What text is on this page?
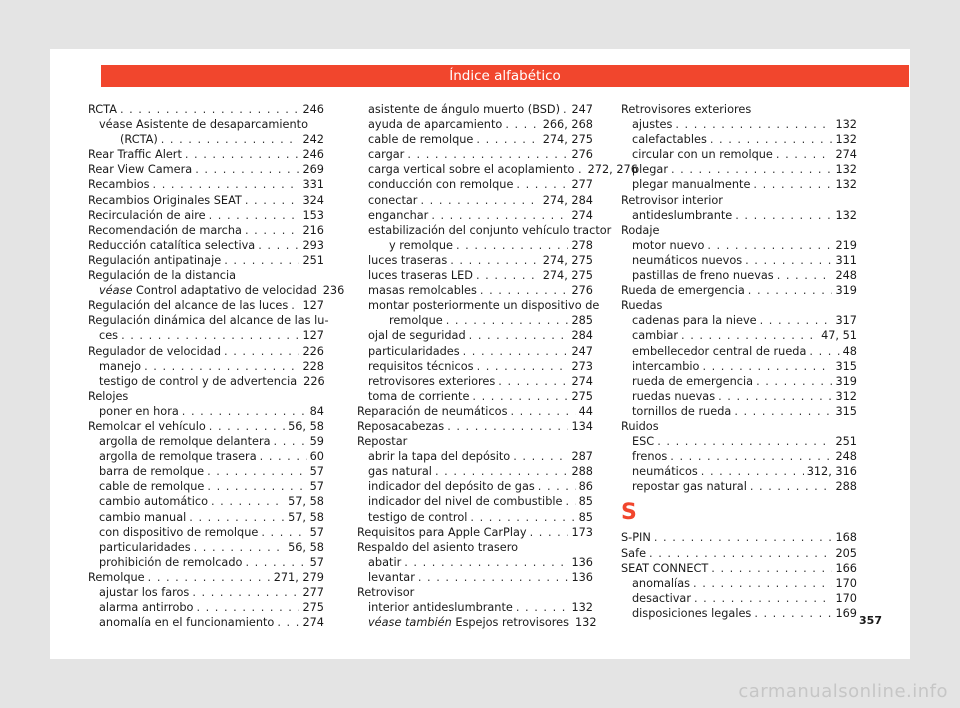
Índice alfabético
RCTA . . .	246
véase Asistente de desaparcamiento
(RCTA) . . .	242
Rear Traffic Alert . . .	246
Rear View Camera . . .	269
Recambios . . .	331
Recambios Originales SEAT . . .	324
Recirculación de aire . . .	153
Recomendación de marcha . . .	216
Reducción catalítica selectiva . . .	293
Regulación antipatinaje . . .	251
Regulación de la distancia
véase Control adaptativo de velocidad 236
Regulación del alcance de las luces . . . 127
Regulación dinámica del alcance de las lu-
ces . . .	127
Regulador de velocidad . . .	226
manejo . . .	228
testigo de control y de advertencia 226
Relojes
poner en hora . . .	84
Remolcar el vehículo . . .	56, 58
argolla de remolque delantera . . .	59
argolla de remolque trasera . . .	60
barra de remolque . . .	57
cable de remolque . . .	57
cambio automático . . .	57, 58
cambio manual . . .	57, 58
con dispositivo de remolque . . .	57
particularidades . . .	56, 58
prohibición de remolcado . . .	57
Remolque . . .	271, 279
ajustar los faros . . .	277
alarma antirrobo . . .	275
anomalía en el funcionamiento . . . 274
asistente de ángulo muerto (BSD) . . . 247
ayuda de aparcamiento . . .	266, 268
cable de remolque . . .	274, 275
cargar . . .	276
carga vertical sobre el acoplamiento . 272, 276
conducción con remolque . . .	277
conectar . . .	274, 284
enganchar . . .	274
estabilización del conjunto vehículo tractor
y remolque . . .	278
luces traseras . . .	274, 275
luces traseras LED . . .	274, 275
masas remolcables . . .	276
montar posteriormente un dispositivo de
remolque . . .	285
ojal de seguridad . . .	284
particularidades . . .	247
requisitos técnicos . . .	273
retrovisores exteriores . . .	274
toma de corriente . . .	275
Reparación de neumáticos . . .	44
Reposacabezas . . .	134
Repostar
abrir la tapa del depósito . . .	287
gas natural . . .	288
indicador del depósito de gas . . .	86
indicador del nivel de combustible . . . 85
testigo de control . . .	85
Requisitos para Apple CarPlay . . .	173
Respaldo del asiento trasero
abatir . . .	136
levantar . . .	136
Retrovisor
interior antideslumbrante . . .	132
véase también Espejos retrovisores 132
Retrovisores exteriores
ajustes . . .	132
calefactables . . .	132
circular con un remolque . . .	274
plegar . . .	132
plegar manualmente . . .	132
Retrovisor interior
antideslumbrante . . .	132
Rodaje
motor nuevo . . .	219
neumáticos nuevos . . .	311
pastillas de freno nuevas . . .	248
Rueda de emergencia . . .	319
Ruedas
cadenas para la nieve . . .	317
cambiar . . .	47, 51
embellecedor central de rueda . . .	48
intercambio . . .	315
rueda de emergencia . . .	319
ruedas nuevas . . .	312
tornillos de rueda . . .	315
Ruidos
ESC . . .	251
frenos . . .	248
neumáticos . . .	312, 316
repostar gas natural . . .	288
S
S-PIN . . .	168
Safe . . .	205
SEAT CONNECT . . .	166
anomalías . . .	170
desactivar . . .	170
disposiciones legales . . .	169
357
carmanualsonline.info
